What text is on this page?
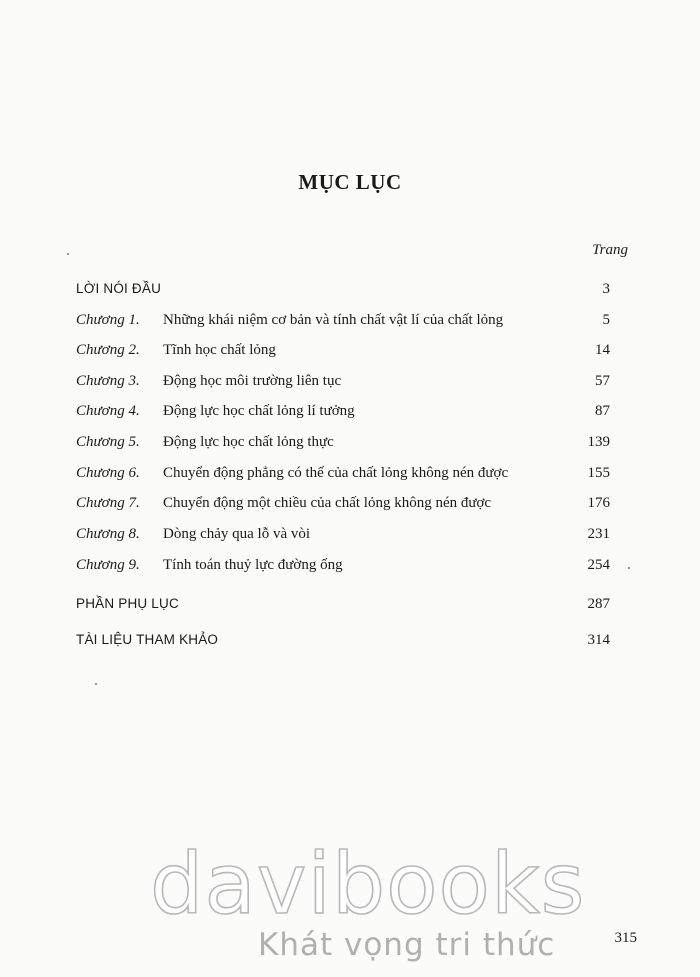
MỤC LỤC
Trang
LỜI NÓI ĐẦU	3
Chương 1. Những khái niệm cơ bản và tính chất vật lí của chất lỏng	5
Chương 2. Tĩnh học chất lỏng	14
Chương 3. Động học môi trường liên tục	57
Chương 4. Động lực học chất lỏng lí tưởng	87
Chương 5. Động lực học chất lỏng thực	139
Chương 6. Chuyển động phẳng có thế của chất lỏng không nén được	155
Chương 7. Chuyển động một chiều của chất lỏng không nén được	176
Chương 8. Dòng chảy qua lỗ và vòi	231
Chương 9. Tính toán thuỷ lực đường ống	254
PHẦN PHỤ LỤC	287
TÀI LIỆU THAM KHẢO	314
davibooks
Khát vọng tri thức	315
